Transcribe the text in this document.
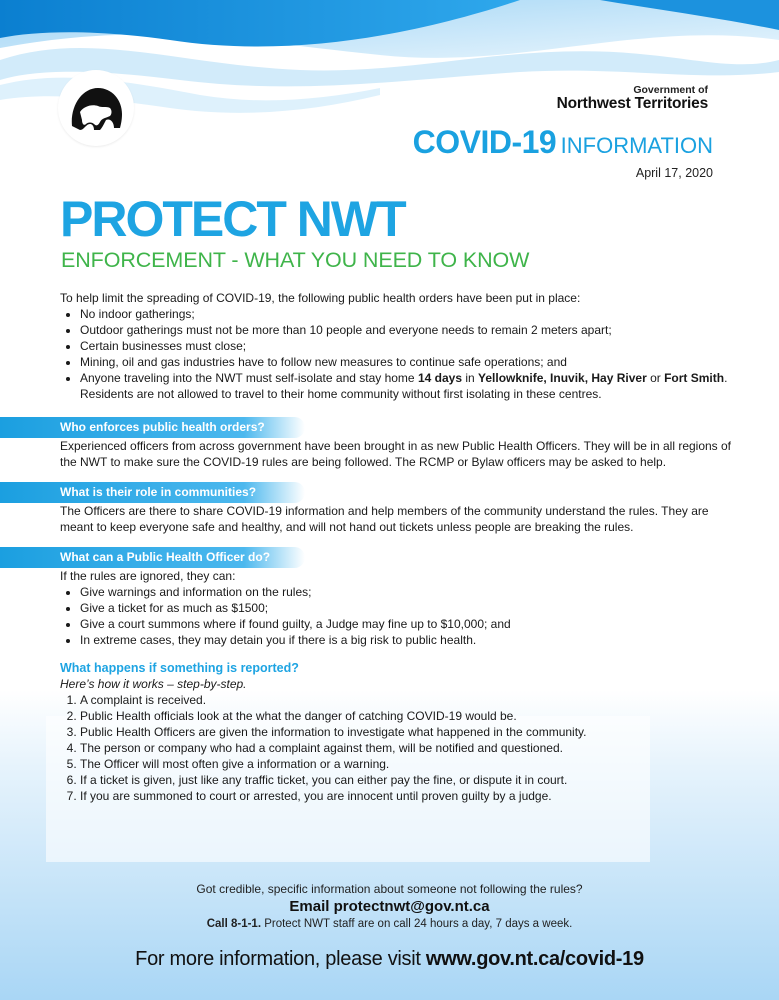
Government of
Northwest Territories
COVID-19 INFORMATION
April 17, 2020
PROTECT NWT
ENFORCEMENT - WHAT YOU NEED TO KNOW

To help limit the spreading of COVID-19, the following public health orders have been put in place:

• No indoor gatherings;
• Outdoor gatherings must not be more than 10 people and everyone needs to remain 2 meters apart;
• Certain businesses must close;
• Mining, oil and gas industries have to follow new measures to continue safe operations; and
• Anyone traveling into the NWT must self-isolate and stay home 14 days in Yellowknife, Inuvik, Hay River or Fort Smith. Residents are not allowed to travel to their home community without first isolating in these centres.
Who enforces public health orders?

Experienced officers from across government have been brought in as new Public Health Officers. They will be in all regions of the NWT to make sure the COVID-19 rules are being followed. The RCMP or Bylaw officers may be asked to help.

What is their role in communities?

The Officers are there to share COVID-19 information and help members of the community understand the rules. They are meant to keep everyone safe and healthy, and will not hand out tickets unless people are breaking the rules.

What can a Public Health Officer do?

If the rules are ignored, they can:

• Give warnings and information on the rules;
• Give a ticket for as much as $1500;
• Give a court summons where if found guilty, a Judge may fine up to $10,000; and
• In extreme cases, they may detain you if there is a big risk to public health.
What happens if something is reported?

Here’s how it works – step-by-step.

1. A complaint is received.
2. Public Health officials look at the what the danger of catching COVID-19 would be.
3. Public Health Officers are given the information to investigate what happened in the community.
4. The person or company who had a complaint against them, will be notified and questioned.
5. The Officer will most often give a information or a warning.
6. If a ticket is given, just like any traffic ticket, you can either pay the fine, or dispute it in court.
7. If you are summoned to court or arrested, you are innocent until proven guilty by a judge.
Got credible, specific information about someone not following the rules?
Email protectnwt@gov.nt.ca
Call 8-1-1. Protect NWT staff are on call 24 hours a day, 7 days a week.
For more information, please visit www.gov.nt.ca/covid-19
